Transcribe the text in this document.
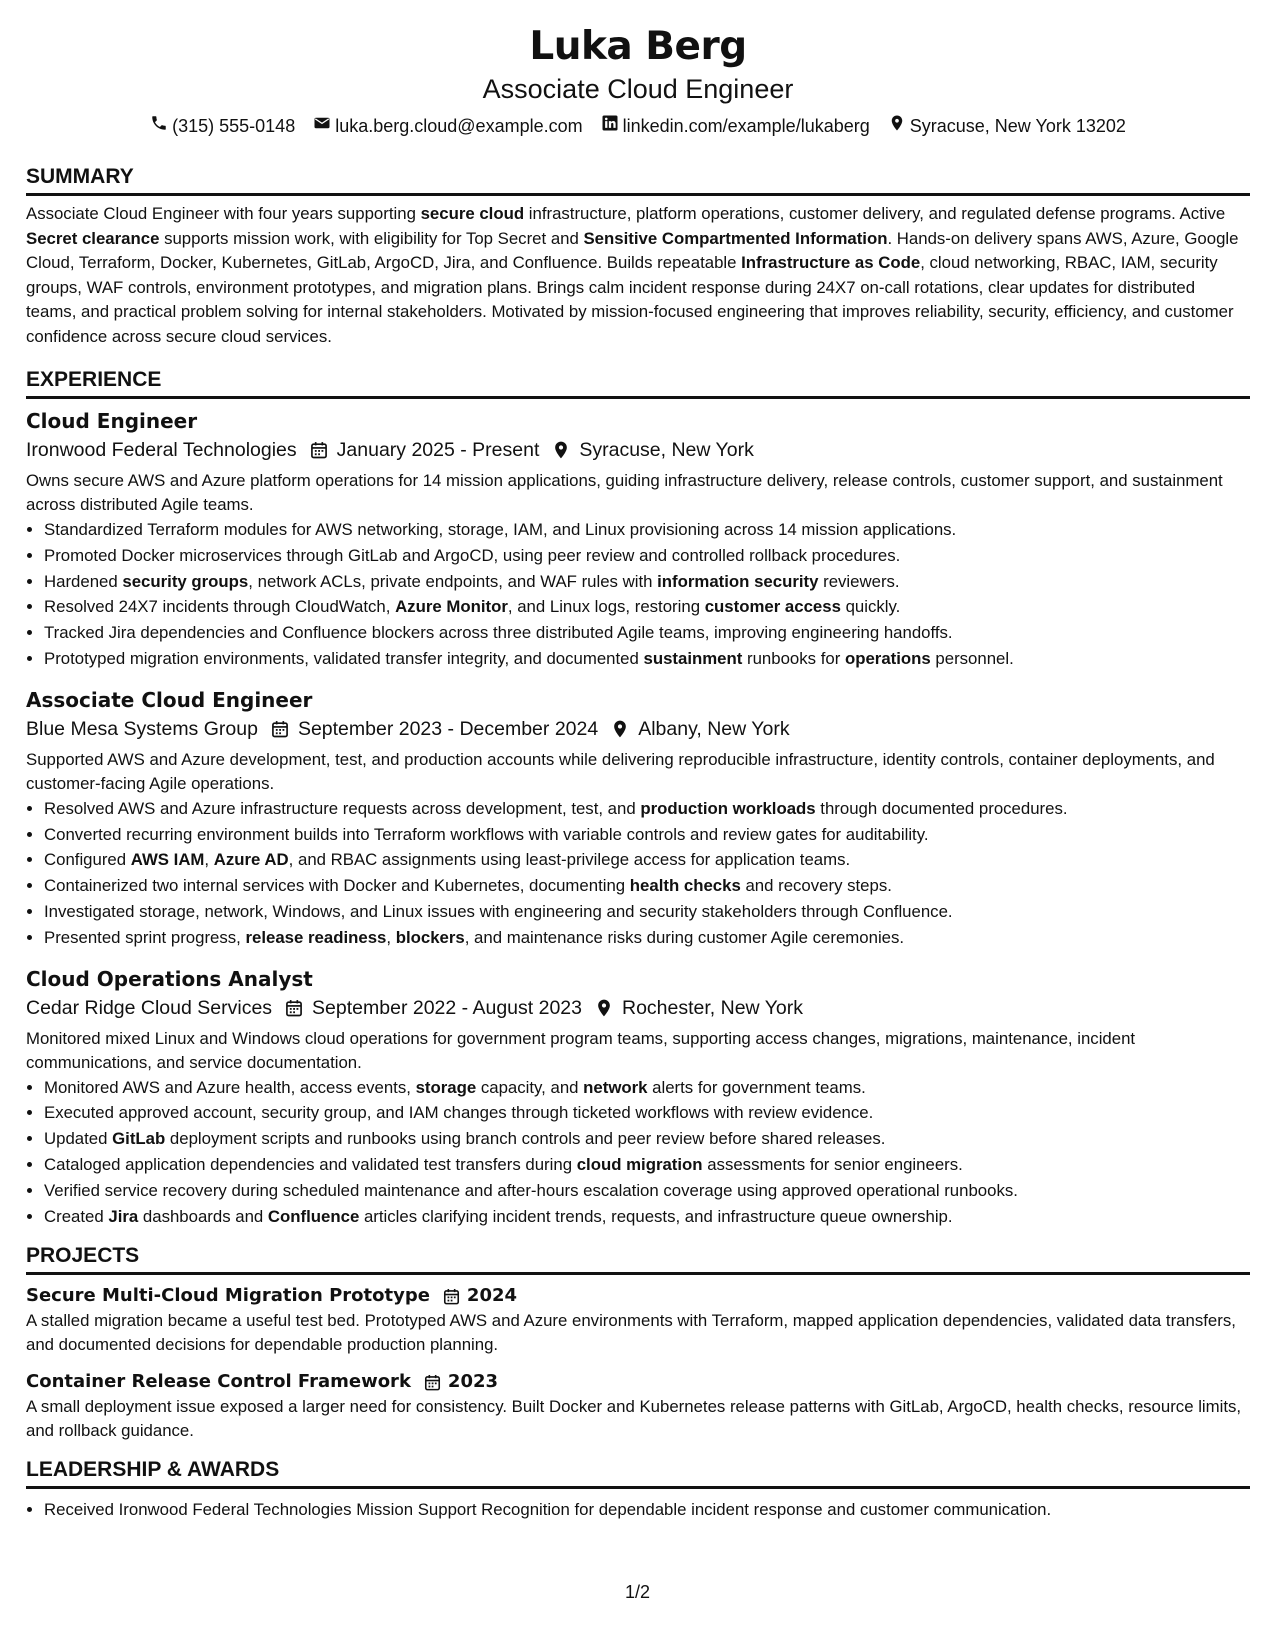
Luka Berg
Associate Cloud Engineer
(315) 555-0148 luka.berg.cloud@example.com linkedin.com/example/lukaberg Syracuse, New York 13202
SUMMARY

Associate Cloud Engineer with four years supporting secure cloud infrastructure, platform operations, customer delivery, and regulated defense programs. Active Secret clearance supports mission work, with eligibility for Top Secret and Sensitive Compartmented Information. Hands-on delivery spans AWS, Azure, Google Cloud, Terraform, Docker, Kubernetes, GitLab, ArgoCD, Jira, and Confluence. Builds repeatable Infrastructure as Code, cloud networking, RBAC, IAM, security groups, WAF controls, environment prototypes, and migration plans. Brings calm incident response during 24X7 on-call rotations, clear updates for distributed teams, and practical problem solving for internal stakeholders. Motivated by mission-focused engineering that improves reliability, security, efficiency, and customer confidence across secure cloud services.

EXPERIENCE
Cloud Engineer
Ironwood Federal Technologies January 2025 - Present Syracuse, New York
Owns secure AWS and Azure platform operations for 14 mission applications, guiding infrastructure delivery, release controls, customer support, and sustainment across distributed Agile teams.
• Standardized Terraform modules for AWS networking, storage, IAM, and Linux provisioning across 14 mission applications.
• Promoted Docker microservices through GitLab and ArgoCD, using peer review and controlled rollback procedures.
• Hardened security groups, network ACLs, private endpoints, and WAF rules with information security reviewers.
• Resolved 24X7 incidents through CloudWatch, Azure Monitor, and Linux logs, restoring customer access quickly.
• Tracked Jira dependencies and Confluence blockers across three distributed Agile teams, improving engineering handoffs.
• Prototyped migration environments, validated transfer integrity, and documented sustainment runbooks for operations personnel.
Associate Cloud Engineer
Blue Mesa Systems Group September 2023 - December 2024 Albany, New York
Supported AWS and Azure development, test, and production accounts while delivering reproducible infrastructure, identity controls, container deployments, and customer-facing Agile operations.
• Resolved AWS and Azure infrastructure requests across development, test, and production workloads through documented procedures.
• Converted recurring environment builds into Terraform workflows with variable controls and review gates for auditability.
• Configured AWS IAM, Azure AD, and RBAC assignments using least-privilege access for application teams.
• Containerized two internal services with Docker and Kubernetes, documenting health checks and recovery steps.
• Investigated storage, network, Windows, and Linux issues with engineering and security stakeholders through Confluence.
• Presented sprint progress, release readiness, blockers, and maintenance risks during customer Agile ceremonies.
Cloud Operations Analyst
Cedar Ridge Cloud Services September 2022 - August 2023 Rochester, New York
Monitored mixed Linux and Windows cloud operations for government program teams, supporting access changes, migrations, maintenance, incident communications, and service documentation.
• Monitored AWS and Azure health, access events, storage capacity, and network alerts for government teams.
• Executed approved account, security group, and IAM changes through ticketed workflows with review evidence.
• Updated GitLab deployment scripts and runbooks using branch controls and peer review before shared releases.
• Cataloged application dependencies and validated test transfers during cloud migration assessments for senior engineers.
• Verified service recovery during scheduled maintenance and after-hours escalation coverage using approved operational runbooks.
• Created Jira dashboards and Confluence articles clarifying incident trends, requests, and infrastructure queue ownership.
PROJECTS
Secure Multi-Cloud Migration Prototype 2024
A stalled migration became a useful test bed. Prototyped AWS and Azure environments with Terraform, mapped application dependencies, validated data transfers, and documented decisions for dependable production planning.
Container Release Control Framework 2023
A small deployment issue exposed a larger need for consistency. Built Docker and Kubernetes release patterns with GitLab, ArgoCD, health checks, resource limits, and rollback guidance.
LEADERSHIP & AWARDS
• Received Ironwood Federal Technologies Mission Support Recognition for dependable incident response and customer communication.
1/2
